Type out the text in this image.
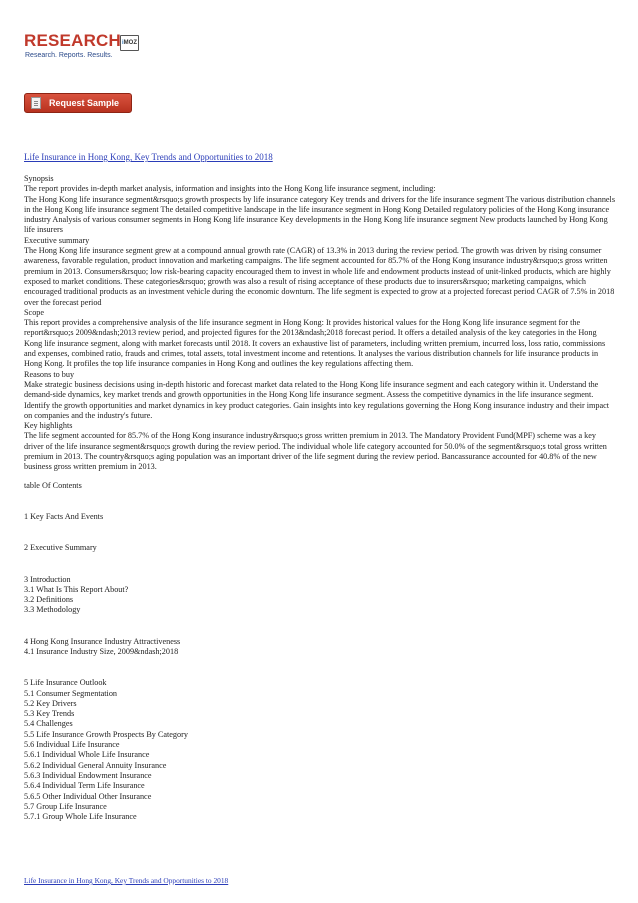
RESEARCH iMOZ
Research. Reports. Results.
Request Sample
Life Insurance in Hong Kong, Key Trends and Opportunities to 2018

Synopsis

The report provides in-depth market analysis, information and insights into the Hong Kong life insurance segment, including:

The Hong Kong life insurance segment&rsquo;s growth prospects by life insurance category Key trends and drivers for the life insurance segment The various distribution channels in the Hong Kong life insurance segment The detailed competitive landscape in the life insurance segment in Hong Kong Detailed regulatory policies of the Hong Kong insurance industry Analysis of various consumer segments in Hong Kong life insurance Key developments in the Hong Kong life insurance segment New products launched by Hong Kong life insurers

Executive summary

The Hong Kong life insurance segment grew at a compound annual growth rate (CAGR) of 13.3% in 2013 during the review period. The growth was driven by rising consumer awareness, favorable regulation, product innovation and marketing campaigns. The life segment accounted for 85.7% of the Hong Kong insurance industry&rsquo;s gross written premium in 2013. Consumers&rsquo; low risk-bearing capacity encouraged them to invest in whole life and endowment products instead of unit-linked products, which are highly exposed to market conditions. These categories&rsquo; growth was also a result of rising acceptance of these products due to insurers&rsquo; marketing campaigns, which encouraged traditional products as an investment vehicle during the economic downturn. The life segment is expected to grow at a projected forecast period CAGR of 7.5% in 2018 over the forecast period

Scope

This report provides a comprehensive analysis of the life insurance segment in Hong Kong: It provides historical values for the Hong Kong life insurance segment for the report&rsquo;s 2009&ndash;2013 review period, and projected figures for the 2013&ndash;2018 forecast period. It offers a detailed analysis of the key categories in the Hong Kong life insurance segment, along with market forecasts until 2018. It covers an exhaustive list of parameters, including written premium, incurred loss, loss ratio, commissions and expenses, combined ratio, frauds and crimes, total assets, total investment income and retentions. It analyses the various distribution channels for life insurance products in Hong Kong. It profiles the top life insurance companies in Hong Kong and outlines the key regulations affecting them.

Reasons to buy

Make strategic business decisions using in-depth historic and forecast market data related to the Hong Kong life insurance segment and each category within it. Understand the demand-side dynamics, key market trends and growth opportunities in the Hong Kong life insurance segment. Assess the competitive dynamics in the life insurance segment. Identify the growth opportunities and market dynamics in key product categories. Gain insights into key regulations governing the Hong Kong insurance industry and their impact on companies and the industry's future.

Key highlights

The life segment accounted for 85.7% of the Hong Kong insurance industry&rsquo;s gross written premium in 2013. The Mandatory Provident Fund(MPF) scheme was a key driver of the life insurance segment&rsquo;s growth during the review period. The individual whole life category accounted for 50.0% of the segment&rsquo;s total gross written premium in 2013. The country&rsquo;s aging population was an important driver of the life segment during the review period. Bancassurance accounted for 40.8% of the new business gross written premium in 2013.

table Of Contents

1 Key Facts And Events

2 Executive Summary

3 Introduction

3.1 What Is This Report About?

3.2 Definitions

3.3 Methodology

4 Hong Kong Insurance Industry Attractiveness

4.1 Insurance Industry Size, 2009&ndash;2018

5 Life Insurance Outlook

5.1 Consumer Segmentation

5.2 Key Drivers

5.3 Key Trends

5.4 Challenges

5.5 Life Insurance Growth Prospects By Category

5.6 Individual Life Insurance

5.6.1 Individual Whole Life Insurance

5.6.2 Individual General Annuity Insurance

5.6.3 Individual Endowment Insurance

5.6.4 Individual Term Life Insurance

5.6.5 Other Individual Other Insurance

5.7 Group Life Insurance

5.7.1 Group Whole Life Insurance

Life Insurance in Hong Kong, Key Trends and Opportunities to 2018
